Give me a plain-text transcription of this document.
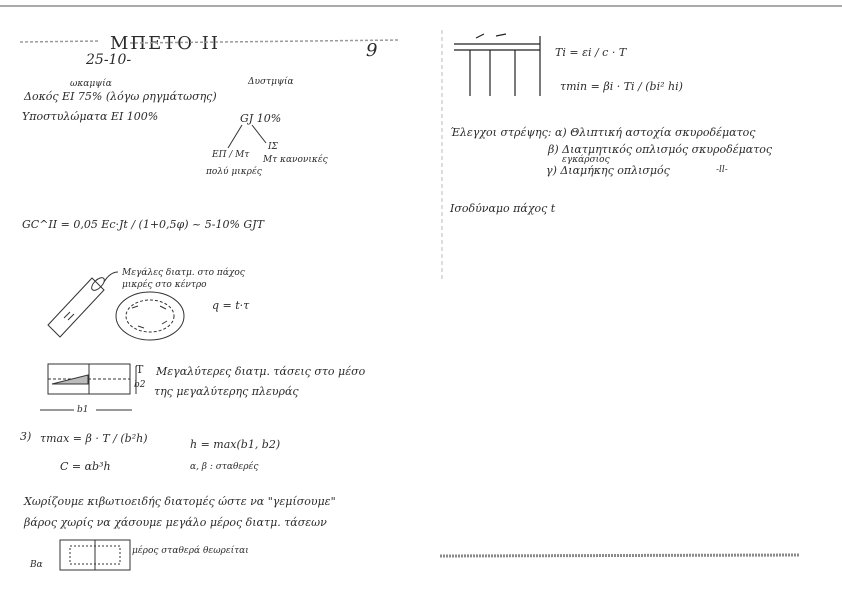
ΜΠΕΤΟ ΙΙ
25-10-	9
ωκαμψία	Δυστμψία
Δοκός ΕΙ 75% (λόγω ρηγμάτωσης)
Υποστυλώματα ΕΙ 100%	GJ 10%
ΕΠ / Μτ
πολύ μικρές
ΙΣ
Μτ κανονικές
GC^II = 0,05 Ec·Jt / (1+0,5φ) ~ 5-10% GJT
Μεγάλες διατμ. στο πάχος
μικρές στο κέντρο
q = t·τ
T
b2
b1
Μεγαλύτερες διατμ. τάσεις στο μέσο
της μεγαλύτερης πλευράς
3) τmax = β · T / (b²h)
C = αb³h
h = max(b1, b2)
α, β : σταθερές
Χωρίζουμε κιβωτιοειδής διατομές ώστε να "γεμίσουμε"
βάρος χωρίς να χάσουμε μεγάλο μέρος διατμ. τάσεων
μέρος σταθερά θεωρείται
Βα
Τi = εi / c · T
τmin = βi · Ti / (bi² hi)
Έλεγχοι στρέψης: α) Θλιπτική αστοχία σκυροδέματος
β) Διατμητικός οπλισμός σκυροδέματος
εγκάρσιος
γ) Διαμήκης οπλισμός	-ll-
Ισοδύναμο πάχος t
